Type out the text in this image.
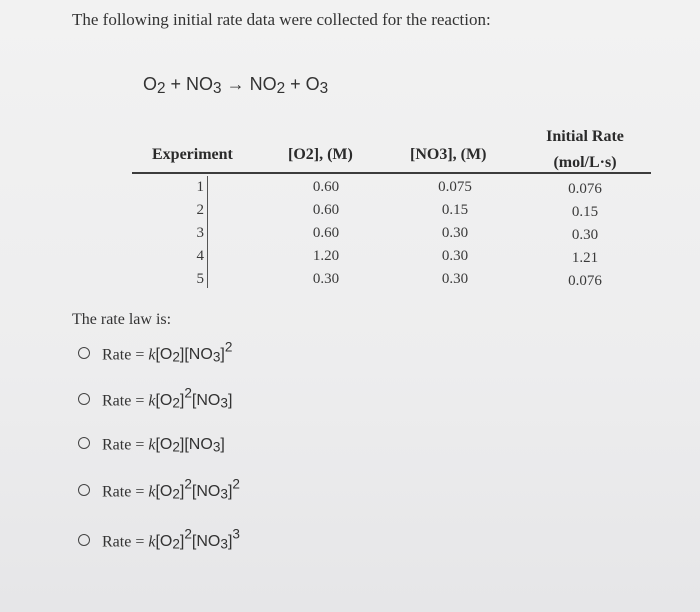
The following initial rate data were collected for the reaction:
$O_2 + NO_3 \to NO_2 + O_3$
Experiment	[O2], (M)	[NO3], (M)
Initial Rate
(mol/L·s)
1
2
3
4
5
0.60
0.60
0.60
1.20
0.30
0.075
0.15
0.30
0.30
0.30
0.076
0.15
0.30
1.21
0.076
The rate law is:
Rate = $k[O_2][NO_3]^2$
Rate = $k[O_2]^2[NO_3]$
Rate = $k[O_2][NO_3]$
Rate = $k[O_2]^2[NO_3]^2$
Rate = $k[O_2]^2[NO_3]^3$
